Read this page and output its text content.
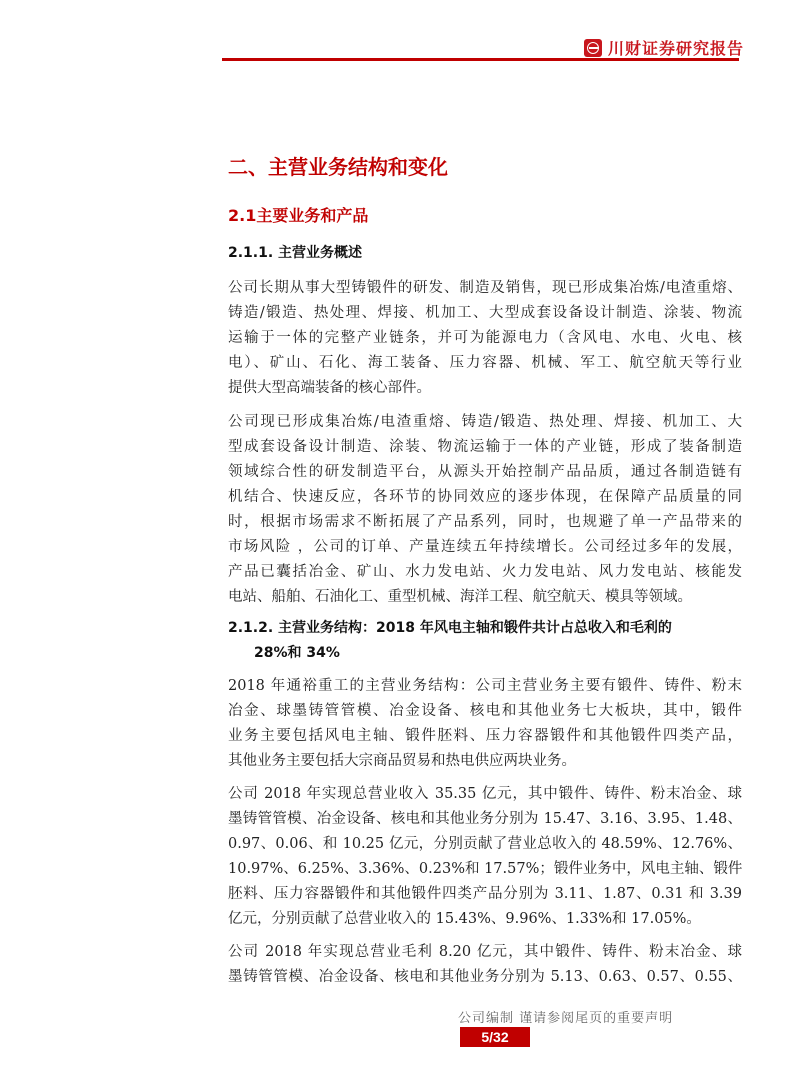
川财证券研究报告
二、主营业务结构和变化
2.1主要业务和产品
2.1.1. 主营业务概述
公司长期从事大型铸锻件的研发、制造及销售，现已形成集冶炼/电渣重熔、
铸造/锻造、热处理、焊接、机加工、大型成套设备设计制造、涂装、物流
运输于一体的完整产业链条，并可为能源电力（含风电、水电、火电、核
电）、矿山、石化、海工装备、压力容器、机械、军工、航空航天等行业
提供大型高端装备的核心部件。
公司现已形成集冶炼/电渣重熔、铸造/锻造、热处理、焊接、机加工、大
型成套设备设计制造、涂装、物流运输于一体的产业链，形成了装备制造
领域综合性的研发制造平台，从源头开始控制产品品质，通过各制造链有
机结合、快速反应，各环节的协同效应的逐步体现，在保障产品质量的同
时，根据市场需求不断拓展了产品系列，同时，也规避了单一产品带来的
市场风险 ，公司的订单、产量连续五年持续增长。公司经过多年的发展，
产品已囊括冶金、矿山、水力发电站、火力发电站、风力发电站、核能发
电站、船舶、石油化工、重型机械、海洋工程、航空航天、模具等领域。
2.1.2. 主营业务结构：2018 年风电主轴和锻件共计占总收入和毛利的
28%和 34%
2018 年通裕重工的主营业务结构：公司主营业务主要有锻件、铸件、粉末
冶金、球墨铸管管模、冶金设备、核电和其他业务七大板块，其中，锻件
业务主要包括风电主轴、锻件胚料、压力容器锻件和其他锻件四类产品，
其他业务主要包括大宗商品贸易和热电供应两块业务。
公司 2018 年实现总营业收入 35.35 亿元，其中锻件、铸件、粉末冶金、球
墨铸管管模、冶金设备、核电和其他业务分别为 15.47、3.16、3.95、1.48、
0.97、0.06、和 10.25 亿元，分别贡献了营业总收入的 48.59%、12.76%、
10.97%、6.25%、3.36%、0.23%和 17.57%；锻件业务中，风电主轴、锻件
胚料、压力容器锻件和其他锻件四类产品分别为 3.11、1.87、0.31 和 3.39
亿元，分别贡献了总营业收入的 15.43%、9.96%、1.33%和 17.05%。
公司 2018 年实现总营业毛利 8.20 亿元，其中锻件、铸件、粉末冶金、球
墨铸管管模、冶金设备、核电和其他业务分别为 5.13、0.63、0.57、0.55、
公司编制 谨请参阅尾页的重要声明
5/32
